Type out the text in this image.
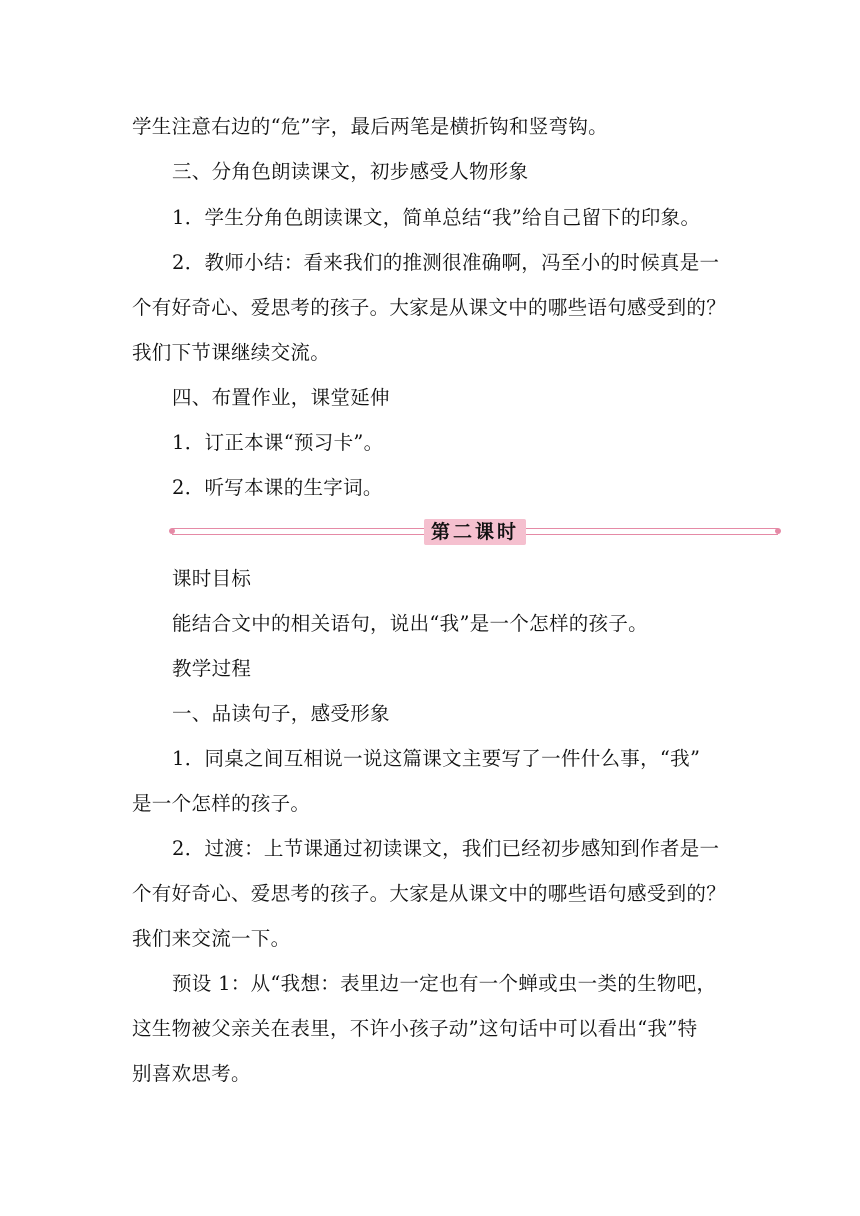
学生注意右边的“危”字，最后两笔是横折钩和竖弯钩。
三、分角色朗读课文，初步感受人物形象
1．学生分角色朗读课文，简单总结“我”给自己留下的印象。
2．教师小结：看来我们的推测很准确啊，冯至小的时候真是一
个有好奇心、爱思考的孩子。大家是从课文中的哪些语句感受到的？
我们下节课继续交流。
四、布置作业，课堂延伸
1．订正本课“预习卡”。
2．听写本课的生字词。
第二课时
课时目标
能结合文中的相关语句，说出“我”是一个怎样的孩子。
教学过程
一、品读句子，感受形象
1．同桌之间互相说一说这篇课文主要写了一件什么事，“我”
是一个怎样的孩子。
2．过渡：上节课通过初读课文，我们已经初步感知到作者是一
个有好奇心、爱思考的孩子。大家是从课文中的哪些语句感受到的？
我们来交流一下。
预设 1：从“我想：表里边一定也有一个蝉或虫一类的生物吧，
这生物被父亲关在表里，不许小孩子动”这句话中可以看出“我”特
别喜欢思考。
